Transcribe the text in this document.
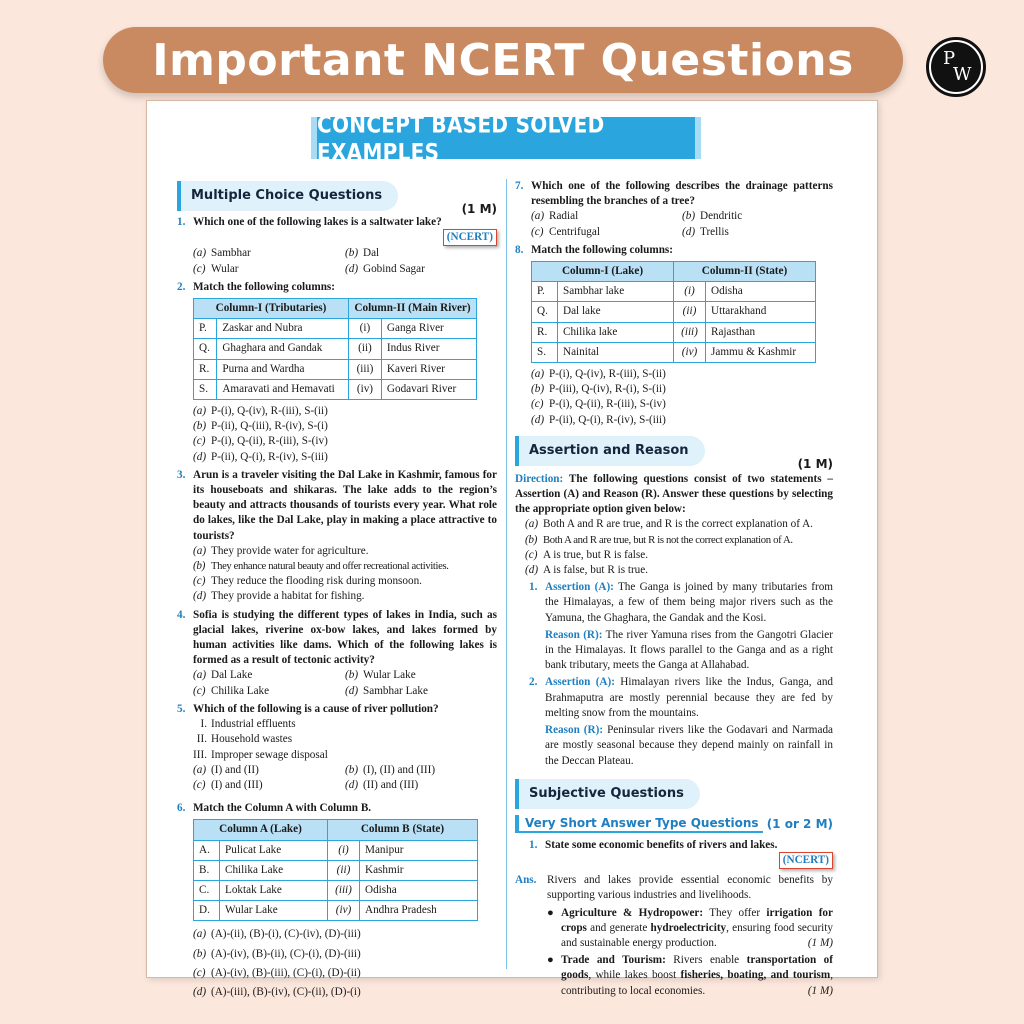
Important NCERT Questions	P
W
CONCEPT BASED SOLVED EXAMPLES
Multiple Choice Questions
(1 M)
1. Which one of the following lakes is a saltwater lake?
(NCERT)
(a) Sambhar	(b) Dal
(c) Wular	(d) Gobind Sagar
2. Match the following columns:
Column-I (Tributaries)		Column-II (Main River)	
P.	Zaskar and Nubra	(i)	Ganga River
Q.	Ghaghara and Gandak	(ii)	Indus River
R.	Purna and Wardha	(iii)	Kaveri River
S.	Amaravati and Hemavati	(iv)	Godavari River
(a) P-(i), Q-(iv), R-(iii), S-(ii)
(b) P-(ii), Q-(iii), R-(iv), S-(i)
(c) P-(i), Q-(ii), R-(iii), S-(iv)
(d) P-(ii), Q-(i), R-(iv), S-(iii)
3. Arun is a traveler visiting the Dal Lake in Kashmir, famous for its houseboats and shikaras. The lake adds to the region’s beauty and attracts thousands of tourists every year. What role do lakes, like the Dal Lake, play in making a place attractive to tourists?
(a) They provide water for agriculture.
(b) They enhance natural beauty and offer recreational activities.
(c) They reduce the flooding risk during monsoon.
(d) They provide a habitat for fishing.
4. Sofia is studying the different types of lakes in India, such as glacial lakes, riverine ox-bow lakes, and lakes formed by human activities like dams. Which of the following lakes is formed as a result of tectonic activity?
(a) Dal Lake	(b) Wular Lake
(c) Chilika Lake	(d) Sambhar Lake
5. Which of the following is a cause of river pollution?
I. Industrial effluents
II. Household wastes
III. Improper sewage disposal
(a) (I) and (II)	(b) (I), (II) and (III)
(c) (I) and (III)	(d) (II) and (III)
6. Match the Column A with Column B.
Column A (Lake)		Column B (State)	
A.	Pulicat Lake	(i)	Manipur
B.	Chilika Lake	(ii)	Kashmir
C.	Loktak Lake	(iii)	Odisha
D.	Wular Lake	(iv)	Andhra Pradesh
(a) (A)-(ii), (B)-(i), (C)-(iv), (D)-(iii)
(b) (A)-(iv), (B)-(ii), (C)-(i), (D)-(iii)
(c) (A)-(iv), (B)-(iii), (C)-(i), (D)-(ii)
(d) (A)-(iii), (B)-(iv), (C)-(ii), (D)-(i)
7. Which one of the following describes the drainage patterns resembling the branches of a tree?
(a) Radial	(b) Dendritic
(c) Centrifugal	(d) Trellis
8. Match the following columns:
Column-I (Lake)		Column-II (State)	
P.	Sambhar lake	(i)	Odisha
Q.	Dal lake	(ii)	Uttarakhand
R.	Chilika lake	(iii)	Rajasthan
S.	Nainital	(iv)	Jammu & Kashmir
(a) P-(i), Q-(iv), R-(iii), S-(ii)
(b) P-(iii), Q-(iv), R-(i), S-(ii)
(c) P-(i), Q-(ii), R-(iii), S-(iv)
(d) P-(ii), Q-(i), R-(iv), S-(iii)
Assertion and Reason
(1 M)
Direction: The following questions consist of two statements – Assertion (A) and Reason (R). Answer these questions by selecting the appropriate option given below:
(a) Both A and R are true, and R is the correct explanation of A.
(b) Both A and R are true, but R is not the correct explanation of A.
(c) A is true, but R is false.
(d) A is false, but R is true.
1. Assertion (A): The Ganga is joined by many tributaries from the Himalayas, a few of them being major rivers such as the Yamuna, the Ghaghara, the Gandak and the Kosi.
Reason (R): The river Yamuna rises from the Gangotri Glacier in the Himalayas. It flows parallel to the Ganga and as a right bank tributary, meets the Ganga at Allahabad.
2. Assertion (A): Himalayan rivers like the Indus, Ganga, and Brahmaputra are mostly perennial because they are fed by melting snow from the mountains.
Reason (R): Peninsular rivers like the Godavari and Narmada are mostly seasonal because they depend mainly on rainfall in the Deccan Plateau.
Subjective Questions
Very Short Answer Type Questions (1 or 2 M)
1. State some economic benefits of rivers and lakes.
(NCERT)
Ans. Rivers and lakes provide essential economic benefits by supporting various industries and livelihoods.
● Agriculture & Hydropower: They offer irrigation for crops and generate hydroelectricity, ensuring food security and sustainable energy production.	(1 M)
● Trade and Tourism: Rivers enable transportation of goods, while lakes boost fisheries, boating, and tourism, contributing to local economies.	(1 M)
